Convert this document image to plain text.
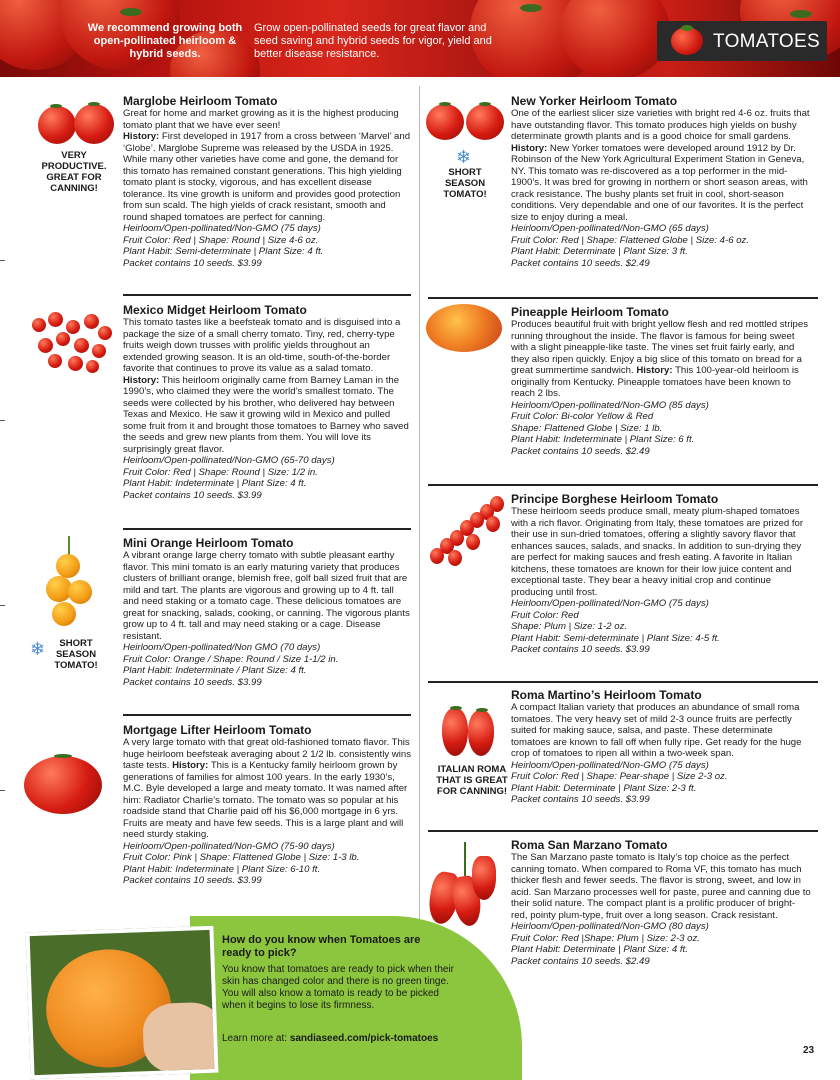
We recommend growing both open-pollinated heirloom & hybrid seeds.
Grow open-pollinated seeds for great flavor and seed saving and hybrid seeds for vigor, yield and better disease resistance.
TOMATOES
VERY PRODUCTIVE. GREAT FOR CANNING!
Marglobe Heirloom Tomato
Great for home and market growing as it is the highest producing tomato plant that we have ever seen!
History: First developed in 1917 from a cross between ‘Marvel’ and ‘Globe’. Marglobe Supreme was released by the USDA in 1925. While many other varieties have come and gone, the demand for this tomato has remained constant generations. This high yielding tomato plant is stocky, vigorous, and has excellent disease tolerance. Its vine growth is uniform and provides good protection from sun scald. The high yields of crack resistant, smooth and round shaped tomatoes are perfect for canning.
Heirloom/Open-pollinated/Non-GMO (75 days)
Fruit Color: Red | Shape: Round | Size 4-6 oz.
Plant Habit: Semi-determinate | Plant Size: 4 ft.
Packet contains 10 seeds. $3.99
Mexico Midget Heirloom Tomato
This tomato tastes like a beefsteak tomato and is disguised into a package the size of a small cherry tomato. Tiny, red, cherry-type fruits weigh down trusses with prolific yields throughout an extended growing season. It is an old-time, south-of-the-border favorite that continues to prove its value as a salad tomato. History: This heirloom originally came from Barney Laman in the 1990’s, who claimed they were the world’s smallest tomato. The seeds were collected by his brother, who delivered hay between Texas and Mexico. He saw it growing wild in Mexico and pulled some fruit from it and brought those tomatoes to Barney who saved the seeds and grew new plants from them. You will love its surprisingly great flavor.
Heirloom/Open-pollinated/Non-GMO (65-70 days)
Fruit Color: Red | Shape: Round | Size: 1/2 in.
Plant Habit: Indeterminate | Plant Size: 4 ft.
Packet contains 10 seeds. $3.99
❄	SHORT SEASON TOMATO!
Mini Orange Heirloom Tomato
A vibrant orange large cherry tomato with subtle pleasant earthy flavor. This mini tomato is an early maturing variety that produces clusters of brilliant orange, blemish free, golf ball sized fruit that are mild and tart. The plants are vigorous and growing up to 4 ft. tall and need staking or a tomato cage. These delicious tomatoes are great for snacking, salads, cooking, or canning. The vigorous plants grow up to 4 ft. tall and may need staking or a cage. Disease resistant.
Heirloom/Open-pollinated/Non GMO (70 days)
Fruit Color: Orange / Shape: Round / Size 1-1/2 in.
Plant Habit: Indeterminate / Plant Size: 4 ft.
Packet contains 10 seeds. $3.99
Mortgage Lifter Heirloom Tomato
A very large tomato with that great old-fashioned tomato flavor. This huge heirloom beefsteak averaging about 2 1/2 lb. consistently wins taste tests. History: This is a Kentucky family heirloom grown by generations of families for almost 100 years. In the early 1930’s, M.C. Byle developed a large and meaty tomato. It was named after him: Radiator Charlie’s tomato. The tomato was so popular at his roadside stand that Charlie paid off his $6,000 mortgage in 6 yrs. Fruits are meaty and have few seeds. This is a large plant and will need sturdy staking.
Heirloom/Open-pollinated/Non-GMO (75-90 days)
Fruit Color: Pink | Shape: Flattened Globe | Size: 1-3 lb.
Plant Habit: Indeterminate | Plant Size: 6-10 ft.
Packet contains 10 seeds. $3.99
❄
SHORT SEASON TOMATO!
New Yorker Heirloom Tomato
One of the earliest slicer size varieties with bright red 4-6 oz. fruits that have outstanding flavor. This tomato produces high yields on bushy determinate growth plants and is a good choice for small gardens. History: New Yorker tomatoes were developed around 1912 by Dr. Robinson of the New York Agricultural Experiment Station in Geneva, NY. This tomato was re-discovered as a top performer in the mid-1900’s. It was bred for growing in northern or short season areas, with crack resistance. The bushy plants set fruit in cool, short-season conditions. Very dependable and one of our favorites. It is the perfect size to enjoy during a meal.
Heirloom/Open-pollinated/Non-GMO (65 days)
Fruit Color: Red | Shape: Flattened Globe | Size: 4-6 oz.
Plant Habit: Determinate | Plant Size: 3 ft.
Packet contains 10 seeds. $2.49
Pineapple Heirloom Tomato
Produces beautiful fruit with bright yellow flesh and red mottled stripes running throughout the inside. The flavor is famous for being sweet with a slight pineapple-like taste. The vines set fruit fairly early, and they also ripen quickly. Enjoy a big slice of this tomato on bread for a great summertime sandwich. History: This 100-year-old heirloom is originally from Kentucky. Pineapple tomatoes have been known to reach 2 lbs.
Heirloom/Open-pollinated/Non-GMO (85 days)
Fruit Color: Bi-color Yellow & Red
Shape: Flattened Globe | Size: 1 lb.
Plant Habit: Indeterminate | Plant Size: 6 ft.
Packet contains 10 seeds. $2.49
Principe Borghese Heirloom Tomato
These heirloom seeds produce small, meaty plum-shaped tomatoes with a rich flavor. Originating from Italy, these tomatoes are prized for their use in sun-dried tomatoes, offering a slightly savory flavor that enhances sauces, salads, and snacks. In addition to sun-drying they are perfect for making sauces and fresh eating. A favorite in Italian kitchens, these tomatoes are known for their low juice content and exceptional taste. They bear a heavy initial crop and continue producing until frost.
Heirloom/Open-pollinated/Non-GMO (75 days)
Fruit Color: Red
Shape: Plum | Size: 1-2 oz.
Plant Habit: Semi-determinate | Plant Size: 4-5 ft.
Packet contains 10 seeds. $3.99
ITALIAN ROMA THAT IS GREAT FOR CANNING!
Roma Martino’s Heirloom Tomato
A compact Italian variety that produces an abundance of small roma tomatoes. The very heavy set of mild 2-3 ounce fruits are perfectly suited for making sauce, salsa, and paste. These determinate tomatoes are known to fall off when fully ripe. Get ready for the huge crop of tomatoes to ripen all within a two-week span.
Heirloom/Open-pollinated/Non-GMO (75 days)
Fruit Color: Red | Shape: Pear-shape | Size 2-3 oz.
Plant Habit: Determinate | Plant Size: 2-3 ft.
Packet contains 10 seeds. $3.99
Roma San Marzano Tomato
The San Marzano paste tomato is Italy’s top choice as the perfect canning tomato. When compared to Roma VF, this tomato has much thicker flesh and fewer seeds. The flavor is strong, sweet, and low in acid. San Marzano processes well for paste, puree and canning due to their solid nature. The compact plant is a prolific producer of bright-red, pointy plum-type, fruit over a long season. Crack resistant.
Heirloom/Open-pollinated/Non-GMO (80 days)
Fruit Color: Red |Shape: Plum | Size: 2-3 oz.
Plant Habit: Determinate | Plant Size: 4 ft.
Packet contains 10 seeds. $2.49
How do you know when Tomatoes are ready to pick?
You know that tomatoes are ready to pick when their skin has changed color and there is no green tinge. You will also know a tomato is ready to be picked when it begins to lose its firmness.
Learn more at: sandiaseed.com/pick-tomatoes
23
